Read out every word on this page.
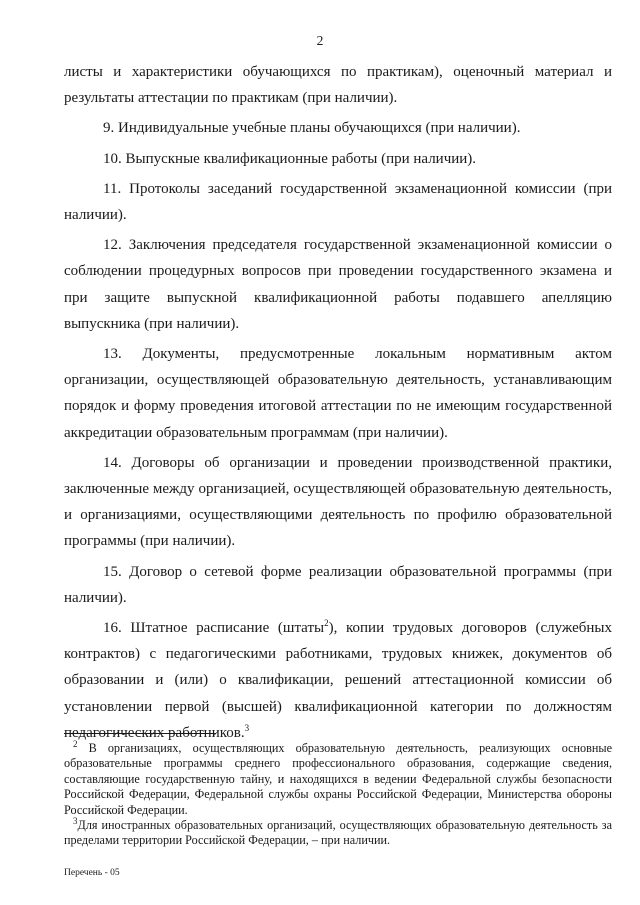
2

листы и характеристики обучающихся по практикам), оценочный материал и результаты аттестации по практикам (при наличии).

9. Индивидуальные учебные планы обучающихся (при наличии).

10. Выпускные квалификационные работы (при наличии).

11. Протоколы заседаний государственной экзаменационной комиссии (при наличии).

12. Заключения председателя государственной экзаменационной комиссии о соблюдении процедурных вопросов при проведении государственного экзамена и при защите выпускной квалификационной работы подавшего апелляцию выпускника (при наличии).

13. Документы, предусмотренные локальным нормативным актом организации, осуществляющей образовательную деятельность, устанавливающим порядок и форму проведения итоговой аттестации по не имеющим государственной аккредитации образовательным программам (при наличии).

14. Договоры об организации и проведении производственной практики, заключенные между организацией, осуществляющей образовательную деятельность, и организациями, осуществляющими деятельность по профилю образовательной программы (при наличии).

15. Договор о сетевой форме реализации образовательной программы (при наличии).

16. Штатное расписание (штаты$^2$), копии трудовых договоров (служебных контрактов) с педагогическими работниками, трудовых книжек, документов об образовании и (или) о квалификации, решений аттестационной комиссии об установлении первой (высшей) квалификационной категории по должностям педагогических работников.$^3$

$^2$ В организациях, осуществляющих образовательную деятельность, реализующих основные образовательные программы среднего профессионального образования, содержащие сведения, составляющие государственную тайну, и находящихся в ведении Федеральной службы безопасности Российской Федерации, Федеральной службы охраны Российской Федерации, Министерства обороны Российской Федерации.

$^3$Для иностранных образовательных организаций, осуществляющих образовательную деятельность за пределами территории Российской Федерации, – при наличии.

Перечень - 05
